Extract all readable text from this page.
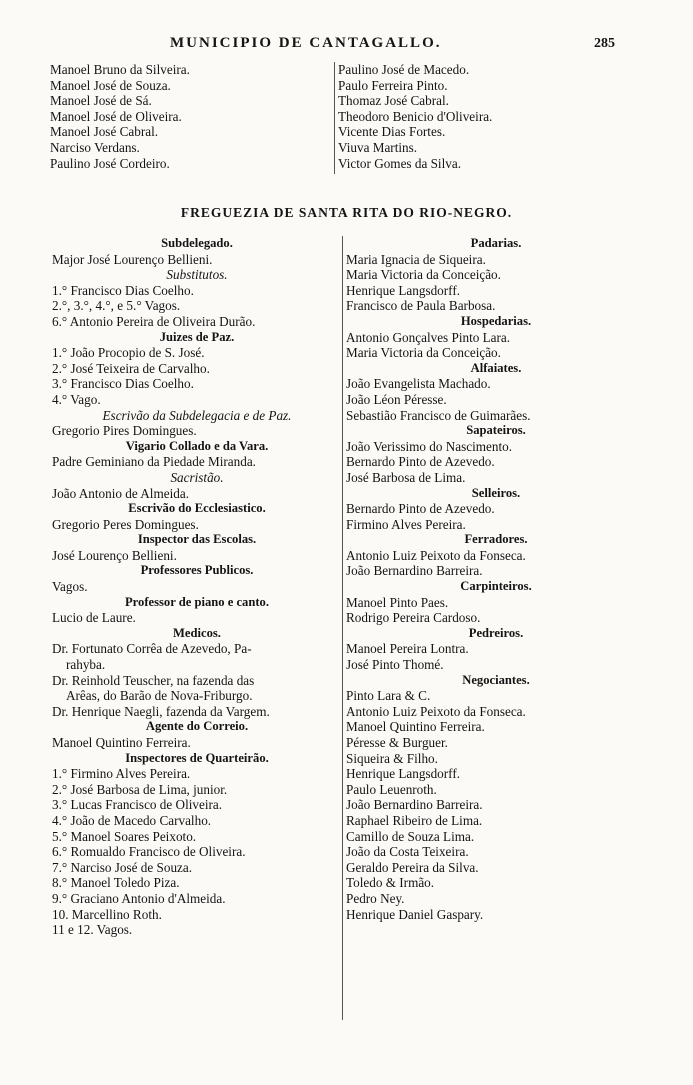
MUNICIPIO DE CANTAGALLO.	285
Manoel Bruno da Silveira.
Manoel José de Souza.
Manoel José de Sá.
Manoel José de Oliveira.
Manoel José Cabral.
Narciso Verdans.
Paulino José Cordeiro.
Paulino José de Macedo.
Paulo Ferreira Pinto.
Thomaz José Cabral.
Theodoro Benicio d'Oliveira.
Vicente Dias Fortes.
Viuva Martins.
Victor Gomes da Silva.
FREGUEZIA DE SANTA RITA DO RIO-NEGRO.
Subdelegado.
Major José Lourenço Bellieni.
Substitutos.
1.° Francisco Dias Coelho.
2.°, 3.°, 4.°, e 5.° Vagos.
6.° Antonio Pereira de Oliveira Durão.
Juizes de Paz.
1.° João Procopio de S. José.
2.° José Teixeira de Carvalho.
3.° Francisco Dias Coelho.
4.° Vago.
Escrivão da Subdelegacia e de Paz.
Gregorio Pires Domingues.
Vigario Collado e da Vara.
Padre Geminiano da Piedade Miranda.
Sacristão.
João Antonio de Almeida.
Escrivão do Ecclesiastico.
Gregorio Peres Domingues.
Inspector das Escolas.
José Lourenço Bellieni.
Professores Publicos.
Vagos.
Professor de piano e canto.
Lucio de Laure.
Medicos.
Dr. Fortunato Corrêa de Azevedo, Pa-
rahyba.
Dr. Reinhold Teuscher, na fazenda das
Arêas, do Barão de Nova-Friburgo.
Dr. Henrique Naegli, fazenda da Vargem.
Agente do Correio.
Manoel Quintino Ferreira.
Inspectores de Quarteirão.
1.° Firmino Alves Pereira.
2.° José Barbosa de Lima, junior.
3.° Lucas Francisco de Oliveira.
4.° João de Macedo Carvalho.
5.° Manoel Soares Peixoto.
6.° Romualdo Francisco de Oliveira.
7.° Narciso José de Souza.
8.° Manoel Toledo Piza.
9.° Graciano Antonio d'Almeida.
10. Marcellino Roth.
11 e 12. Vagos.
Padarias.
Maria Ignacia de Siqueira.
Maria Victoria da Conceição.
Henrique Langsdorff.
Francisco de Paula Barbosa.
Hospedarias.
Antonio Gonçalves Pinto Lara.
Maria Victoria da Conceição.
Alfaiates.
João Evangelista Machado.
João Léon Péresse.
Sebastião Francisco de Guimarães.
Sapateiros.
João Verissimo do Nascimento.
Bernardo Pinto de Azevedo.
José Barbosa de Lima.
Selleiros.
Bernardo Pinto de Azevedo.
Firmino Alves Pereira.
Ferradores.
Antonio Luiz Peixoto da Fonseca.
João Bernardino Barreira.
Carpinteiros.
Manoel Pinto Paes.
Rodrigo Pereira Cardoso.
Pedreiros.
Manoel Pereira Lontra.
José Pinto Thomé.
Negociantes.
Pinto Lara & C.
Antonio Luiz Peixoto da Fonseca.
Manoel Quintino Ferreira.
Péresse & Burguer.
Siqueira & Filho.
Henrique Langsdorff.
Paulo Leuenroth.
João Bernardino Barreira.
Raphael Ribeiro de Lima.
Camillo de Souza Lima.
João da Costa Teixeira.
Geraldo Pereira da Silva.
Toledo & Irmão.
Pedro Ney.
Henrique Daniel Gaspary.
